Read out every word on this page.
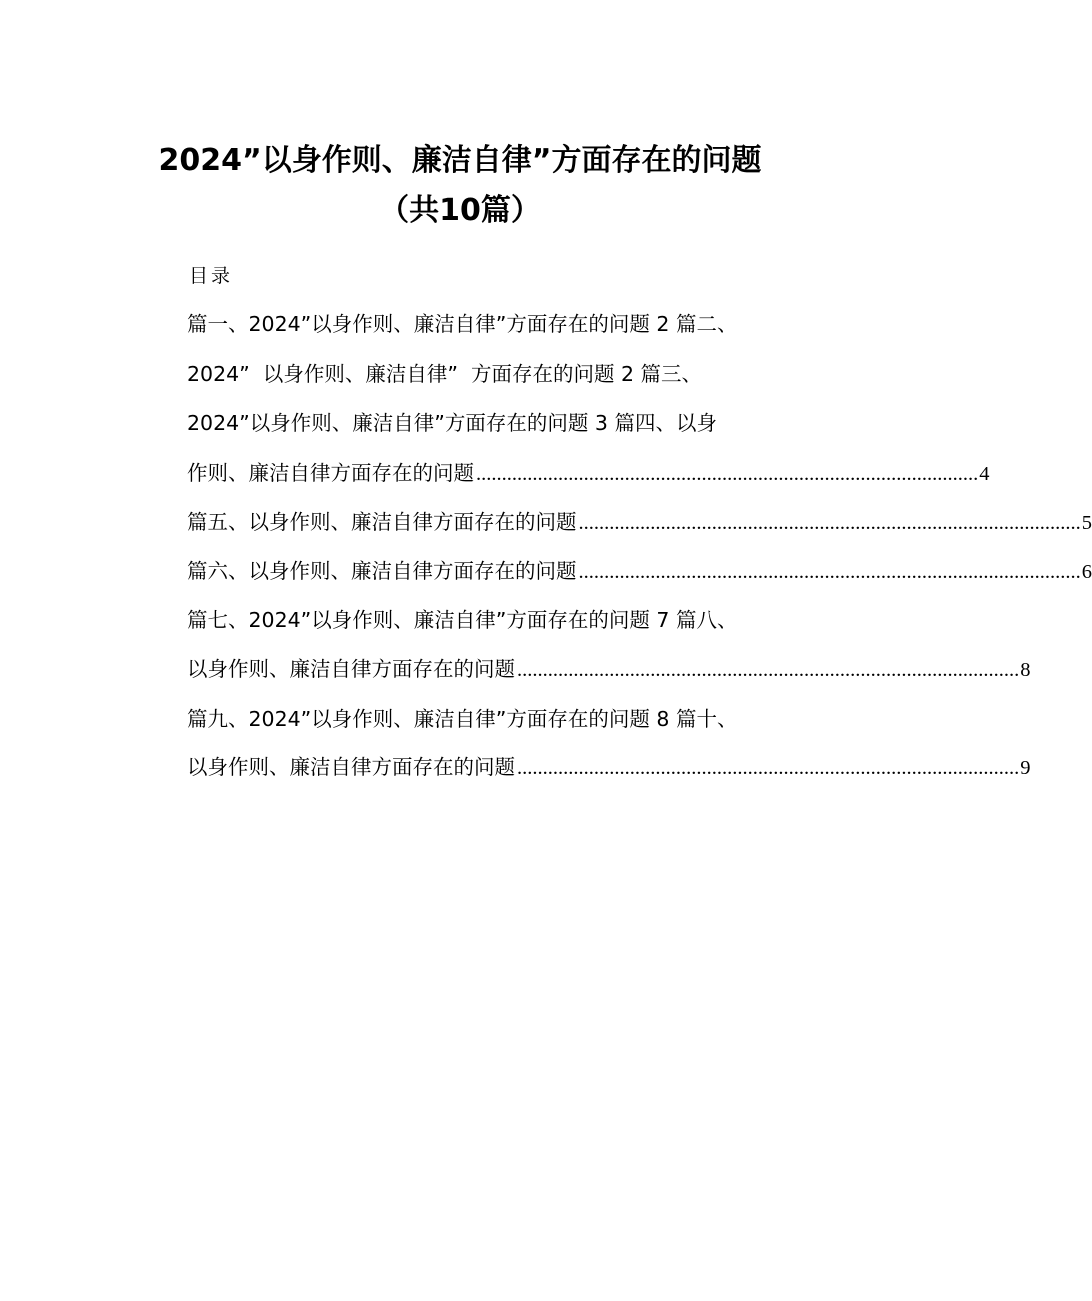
2024”以身作则、廉洁自律”方面存在的问题
（共10篇）
目录
篇一、2024”以身作则、廉洁自律”方面存在的问题 2 篇二、
2024”  以身作则、廉洁自律”  方面存在的问题 2 篇三、
2024”以身作则、廉洁自律”方面存在的问题 3 篇四、以身
作则、廉洁自律方面存在的问题 .................................................................................................. 4
篇五、以身作则、廉洁自律方面存在的问题 .................................................................................................. 5
篇六、以身作则、廉洁自律方面存在的问题 .................................................................................................. 6
篇七、2024”以身作则、廉洁自律”方面存在的问题 7 篇八、
以身作则、廉洁自律方面存在的问题 .................................................................................................. 8
篇九、2024”以身作则、廉洁自律”方面存在的问题 8 篇十、
以身作则、廉洁自律方面存在的问题 .................................................................................................. 9
